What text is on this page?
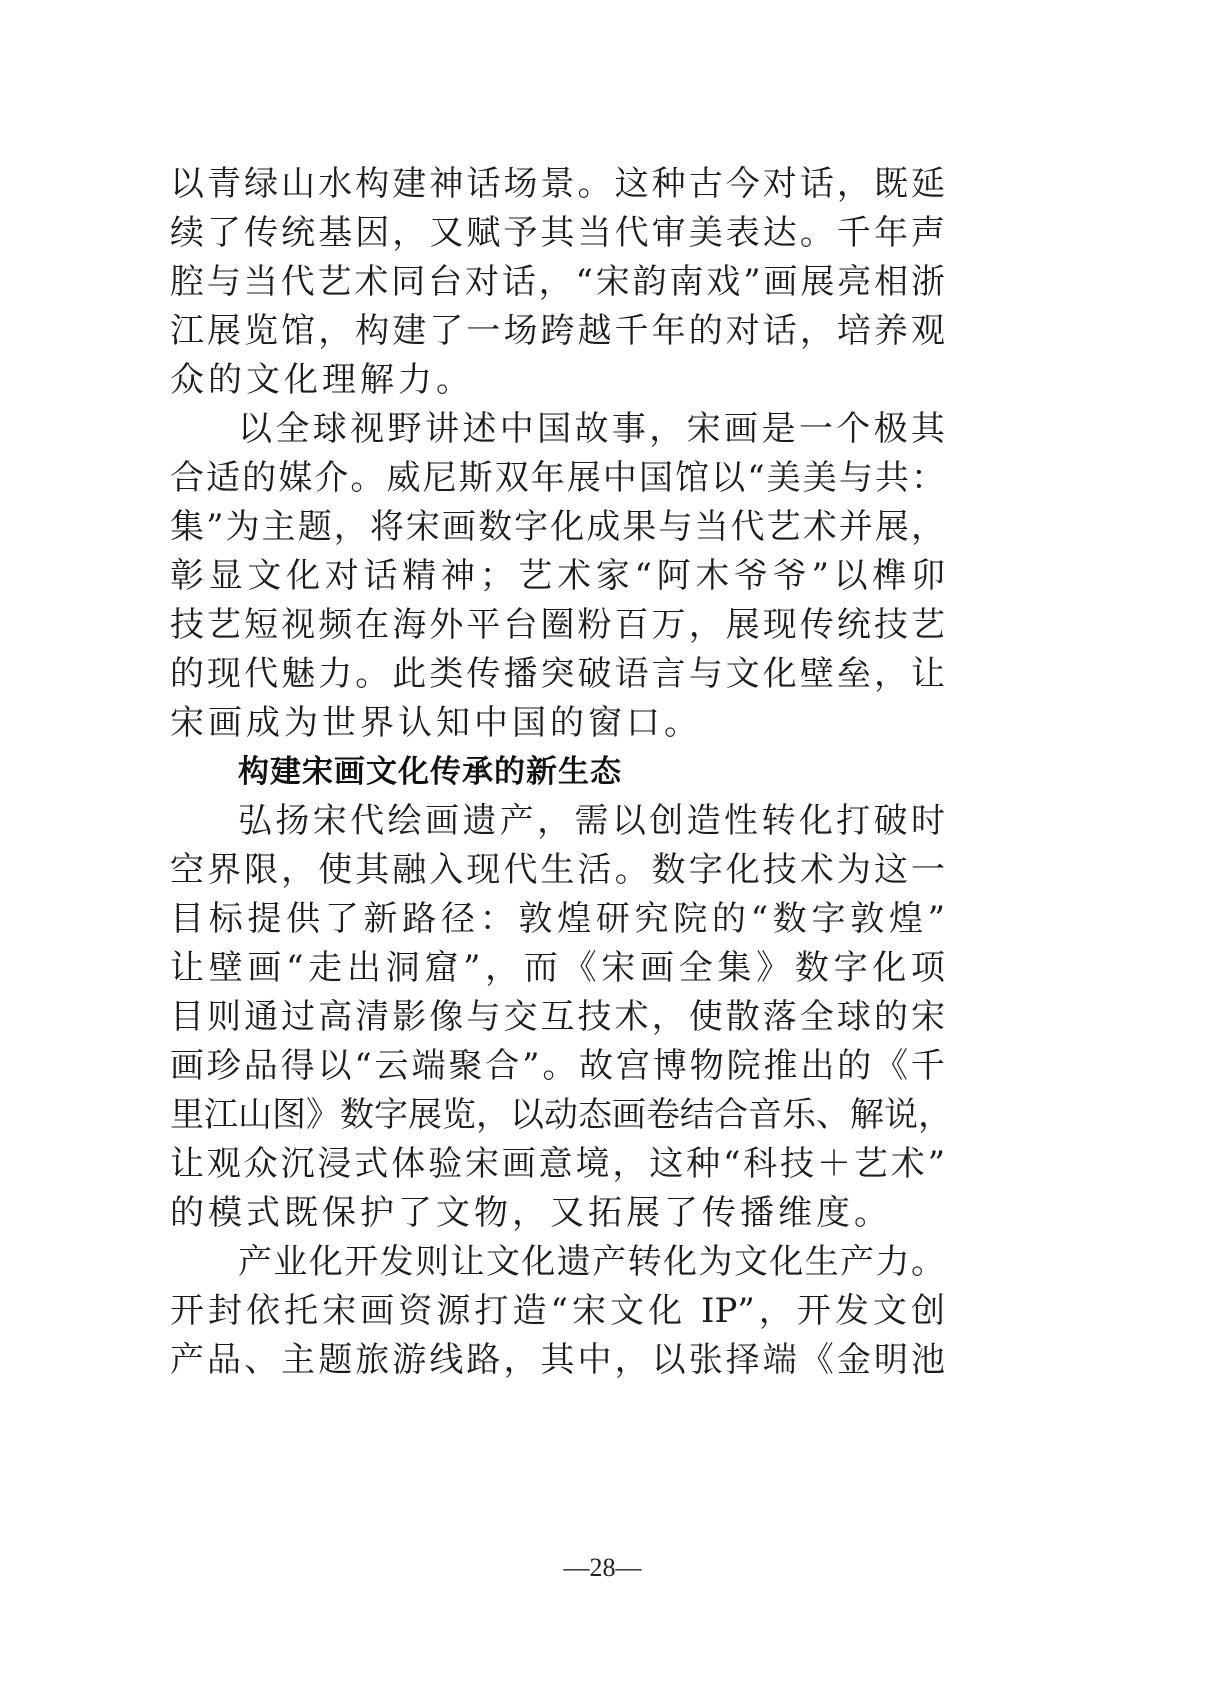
以青绿山水构建神话场景。这种古今对话，既延
续了传统基因，又赋予其当代审美表达。千年声
腔与当代艺术同台对话，“宋韵南戏”画展亮相浙
江展览馆，构建了一场跨越千年的对话，培养观
众的文化理解力。
以全球视野讲述中国故事，宋画是一个极其
合适的媒介。威尼斯双年展中国馆以“美美与共：
集”为主题，将宋画数字化成果与当代艺术并展，
彰显文化对话精神；艺术家“阿木爷爷”以榫卯
技艺短视频在海外平台圈粉百万，展现传统技艺
的现代魅力。此类传播突破语言与文化壁垒，让
宋画成为世界认知中国的窗口。
构建宋画文化传承的新生态
弘扬宋代绘画遗产，需以创造性转化打破时
空界限，使其融入现代生活。数字化技术为这一
目标提供了新路径：敦煌研究院的“数字敦煌”
让壁画“走出洞窟”，而《宋画全集》数字化项
目则通过高清影像与交互技术，使散落全球的宋
画珍品得以“云端聚合”。故宫博物院推出的《千
里江山图》数字展览，以动态画卷结合音乐、解说，
让观众沉浸式体验宋画意境，这种“科技＋艺术”
的模式既保护了文物，又拓展了传播维度。
产业化开发则让文化遗产转化为文化生产力。
开封依托宋画资源打造“宋文化 IP”，开发文创
产品、主题旅游线路，其中，以张择端《金明池
—28—
